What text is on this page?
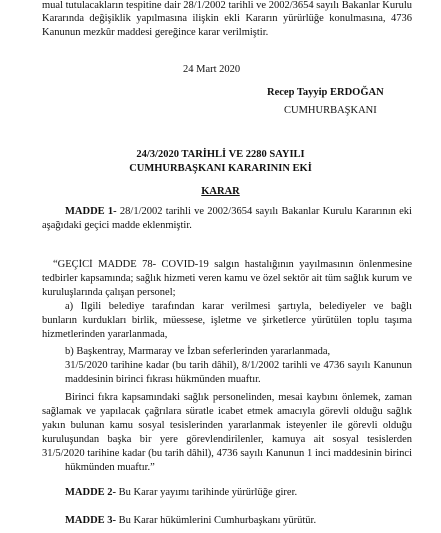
mual tutulacakların tespitine dair 28/1/2002 tarihli ve 2002/3654 sayılı Bakanlar Kurulu
Kararında değişiklik yapılmasına ilişkin ekli Kararın yürürlüğe konulmasına, 4736
Kanunun mezkûr maddesi gereğince karar verilmiştir.
24 Mart 2020
Recep Tayyip ERDOĞAN
CUMHURBAŞKANI
24/3/2020 TARİHLİ VE 2280 SAYILI
CUMHURBAŞKANI KARARININ EKİ
KARAR
MADDE 1- 28/1/2002 tarihli ve 2002/3654 sayılı Bakanlar Kurulu Kararının eki
aşağıdaki geçici madde eklenmiştir.
“GEÇİCİ MADDE 78- COVID-19 salgın hastalığının yayılmasının önlenmesine
tedbirler kapsamında; sağlık hizmeti veren kamu ve özel sektör ait tüm sağlık kurum ve
kuruluşlarında çalışan personel;
a) İlgili belediye tarafından karar verilmesi şartıyla, belediyeler ve bağlı
bunların kurdukları birlik, müessese, işletme ve şirketlerce yürütülen toplu taşıma
hizmetlerinden yararlanmada,
b) Başkentray, Marmaray ve İzban seferlerinden yararlanmada,
31/5/2020 tarihine kadar (bu tarih dâhil), 8/1/2002 tarihli ve 4736 sayılı Kanunun
maddesinin birinci fıkrası hükmünden muaftır.
Birinci fıkra kapsamındaki sağlık personelinden, mesai kaybını önlemek, zaman
sağlamak ve yapılacak çağrılara süratle icabet etmek amacıyla görevli olduğu sağlık
yakın bulunan kamu sosyal tesislerinden yararlanmak isteyenler ile görevli olduğu
kuruluşundan başka bir yere görevlendirilenler, kamuya ait sosyal tesislerden
31/5/2020 tarihine kadar (bu tarih dâhil), 4736 sayılı Kanunun 1 inci maddesinin birinci
hükmünden muaftır.”
MADDE 2- Bu Karar yayımı tarihinde yürürlüğe girer.
MADDE 3- Bu Karar hükümlerini Cumhurbaşkanı yürütür.
